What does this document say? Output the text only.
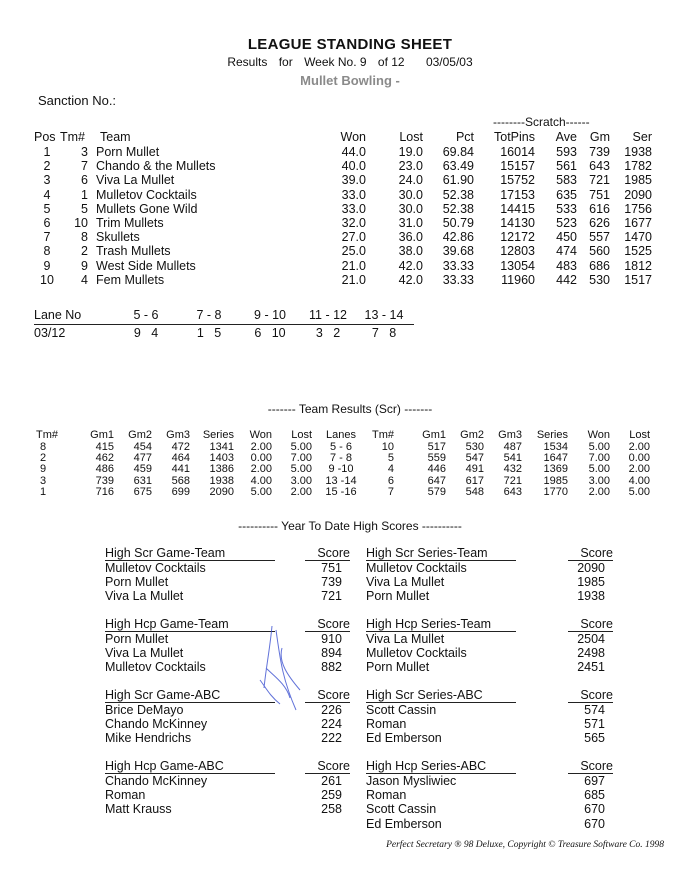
LEAGUE STANDING SHEET
Results for Week No. 9 of 12 03/05/03
Mullet Bowling -
Sanction No.:
--------Scratch------
Pos	Tm#	Team	Won	Lost	Pct	TotPins	Ave	Gm	Ser
1	3	Porn Mullet	44.0	19.0	69.84	16014	593	739	1938
2	7	Chando & the Mullets	40.0	23.0	63.49	15157	561	643	1782
3	6	Viva La Mullet	39.0	24.0	61.90	15752	583	721	1985
4	1	Mulletov Cocktails	33.0	30.0	52.38	17153	635	751	2090
5	5	Mullets Gone Wild	33.0	30.0	52.38	14415	533	616	1756
6	10	Trim Mullets	32.0	31.0	50.79	14130	523	626	1677
7	8	Skullets	27.0	36.0	42.86	12172	450	557	1470
8	2	Trash Mullets	25.0	38.0	39.68	12803	474	560	1525
9	9	West Side Mullets	21.0	42.0	33.33	13054	483	686	1812
10	4	Fem Mullets	21.0	42.0	33.33	11960	442	530	1517
Lane No	5 - 6	7 - 8	9 - 10	11 - 12	13 - 14
03/12	9 4	1 5	6 10	3 2	7 8
------- Team Results (Scr) -------
Tm#	Gm1	Gm2	Gm3	Series	Won	Lost	Lanes	Tm#	Gm1	Gm2	Gm3	Series	Won	Lost
8	415	454	472	1341	2.00	5.00	5 - 6	10	517	530	487	1534	5.00	2.00
2	462	477	464	1403	0.00	7.00	7 - 8	5	559	547	541	1647	7.00	0.00
9	486	459	441	1386	2.00	5.00	9 -10	4	446	491	432	1369	5.00	2.00
3	739	631	568	1938	4.00	3.00	13 -14	6	647	617	721	1985	3.00	4.00
1	716	675	699	2090	5.00	2.00	15 -16	7	579	548	643	1770	2.00	5.00
---------- Year To Date High Scores ----------
High Scr Game-Team	Score
Mulletov Cocktails	751
Porn Mullet	739
Viva La Mullet	721
High Scr Series-Team	Score
Mulletov Cocktails	2090
Viva La Mullet	1985
Porn Mullet	1938
High Hcp Game-Team	Score
Porn Mullet	910
Viva La Mullet	894
Mulletov Cocktails	882
High Hcp Series-Team	Score
Viva La Mullet	2504
Mulletov Cocktails	2498
Porn Mullet	2451
High Scr Game-ABC	Score
Brice DeMayo	226
Chando McKinney	224
Mike Hendrichs	222
High Scr Series-ABC	Score
Scott Cassin	574
Roman	571
Ed Emberson	565
High Hcp Game-ABC	Score
Chando McKinney	261
Roman	259
Matt Krauss	258
High Hcp Series-ABC	Score
Jason Mysliwiec	697
Roman	685
Scott Cassin	670
Ed Emberson	670
Perfect Secretary ® 98 Deluxe, Copyright © Treasure Software Co. 1998
